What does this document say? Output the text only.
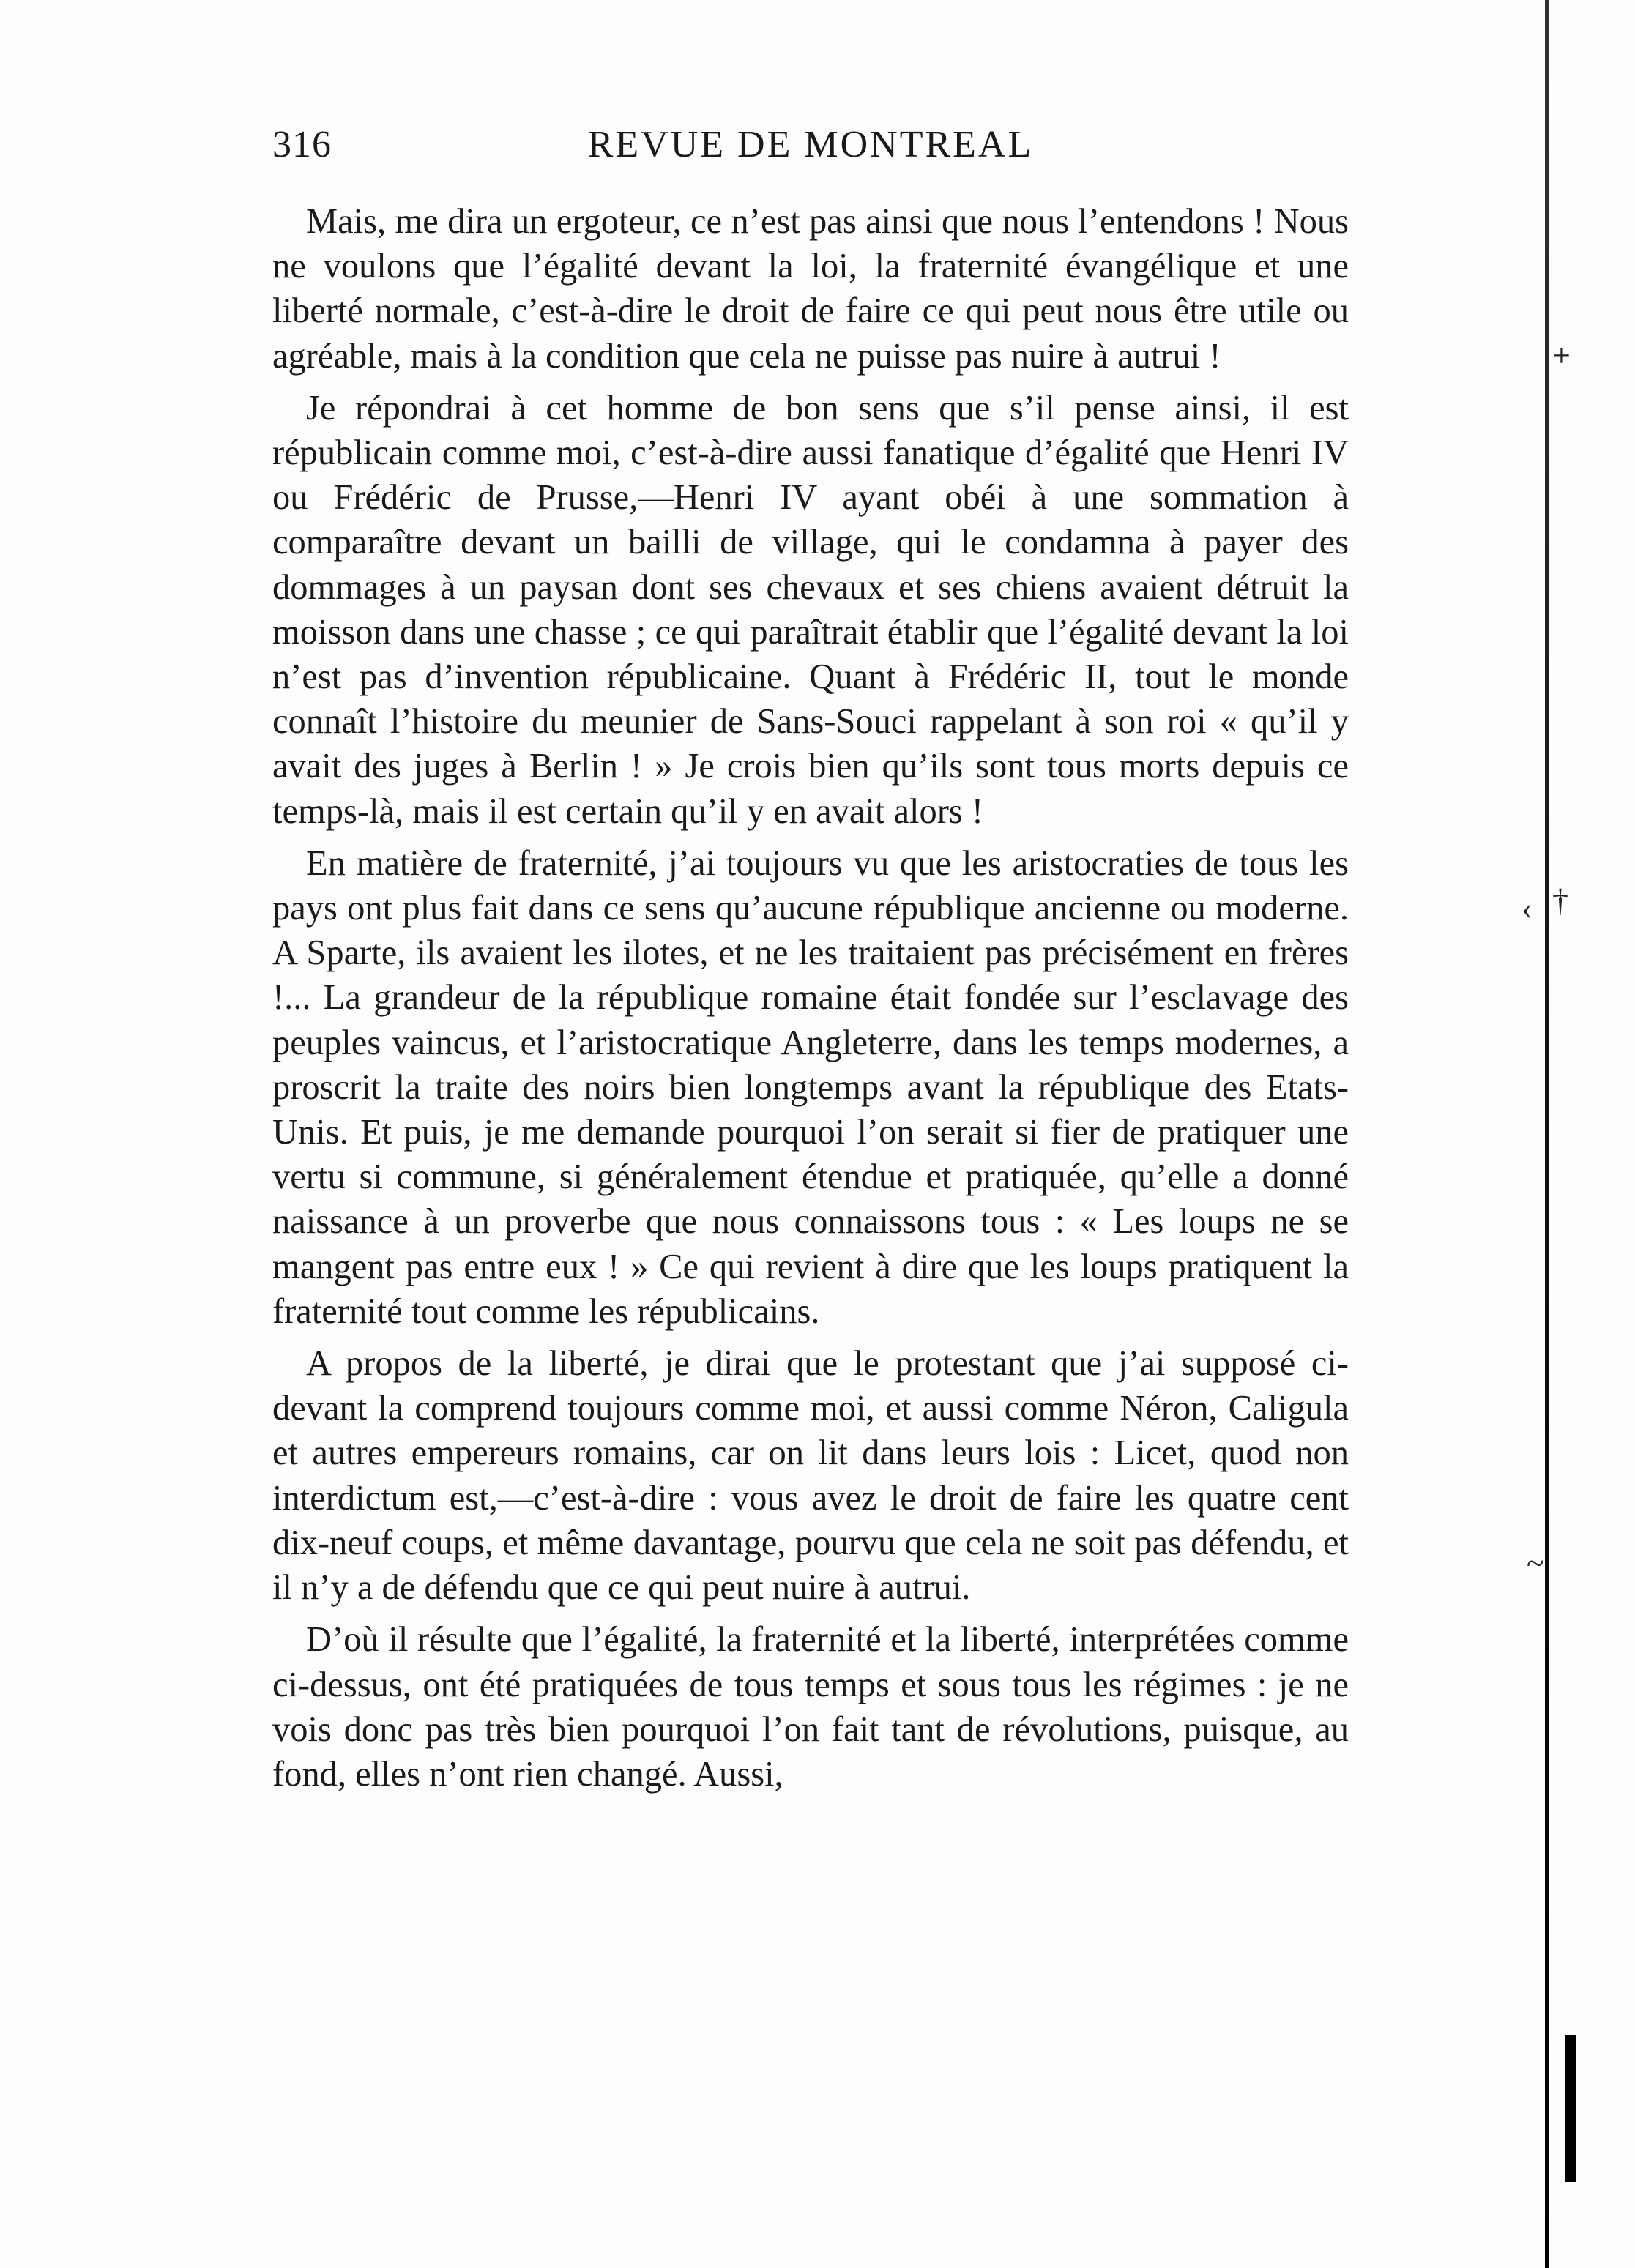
316	REVUE DE MONTREAL

Mais, me dira un ergoteur, ce n’est pas ainsi que nous l’entendons ! Nous ne voulons que l’égalité devant la loi, la fraternité évangélique et une liberté normale, c’est-à-dire le droit de faire ce qui peut nous être utile ou agréable, mais à la condition que cela ne puisse pas nuire à autrui !

Je répondrai à cet homme de bon sens que s’il pense ainsi, il est républicain comme moi, c’est-à-dire aussi fanatique d’égalité que Henri IV ou Frédéric de Prusse,—Henri IV ayant obéi à une sommation à comparaître devant un bailli de village, qui le condamna à payer des dommages à un paysan dont ses chevaux et ses chiens avaient détruit la moisson dans une chasse ; ce qui paraîtrait établir que l’égalité devant la loi n’est pas d’invention républicaine. Quant à Frédéric II, tout le monde connaît l’histoire du meunier de Sans-Souci rappelant à son roi « qu’il y avait des juges à Berlin ! » Je crois bien qu’ils sont tous morts depuis ce temps-là, mais il est certain qu’il y en avait alors !

En matière de fraternité, j’ai toujours vu que les aristocraties de tous les pays ont plus fait dans ce sens qu’aucune république ancienne ou moderne. A Sparte, ils avaient les ilotes, et ne les traitaient pas précisément en frères !... La grandeur de la république romaine était fondée sur l’esclavage des peuples vaincus, et l’aristocratique Angleterre, dans les temps modernes, a proscrit la traite des noirs bien longtemps avant la république des Etats-Unis. Et puis, je me demande pourquoi l’on serait si fier de pratiquer une vertu si commune, si généralement étendue et pratiquée, qu’elle a donné naissance à un proverbe que nous connaissons tous : « Les loups ne se mangent pas entre eux ! » Ce qui revient à dire que les loups pratiquent la fraternité tout comme les républicains.

A propos de la liberté, je dirai que le protestant que j’ai supposé ci-devant la comprend toujours comme moi, et aussi comme Néron, Caligula et autres empereurs romains, car on lit dans leurs lois : Licet, quod non interdictum est,—c’est-à-dire : vous avez le droit de faire les quatre cent dix-neuf coups, et même davantage, pourvu que cela ne soit pas défendu, et il n’y a de défendu que ce qui peut nuire à autrui.

D’où il résulte que l’égalité, la fraternité et la liberté, interprétées comme ci-dessus, ont été pratiquées de tous temps et sous tous les régimes : je ne vois donc pas très bien pourquoi l’on fait tant de révolutions, puisque, au fond, elles n’ont rien changé. Aussi,

+
‹ †
~
